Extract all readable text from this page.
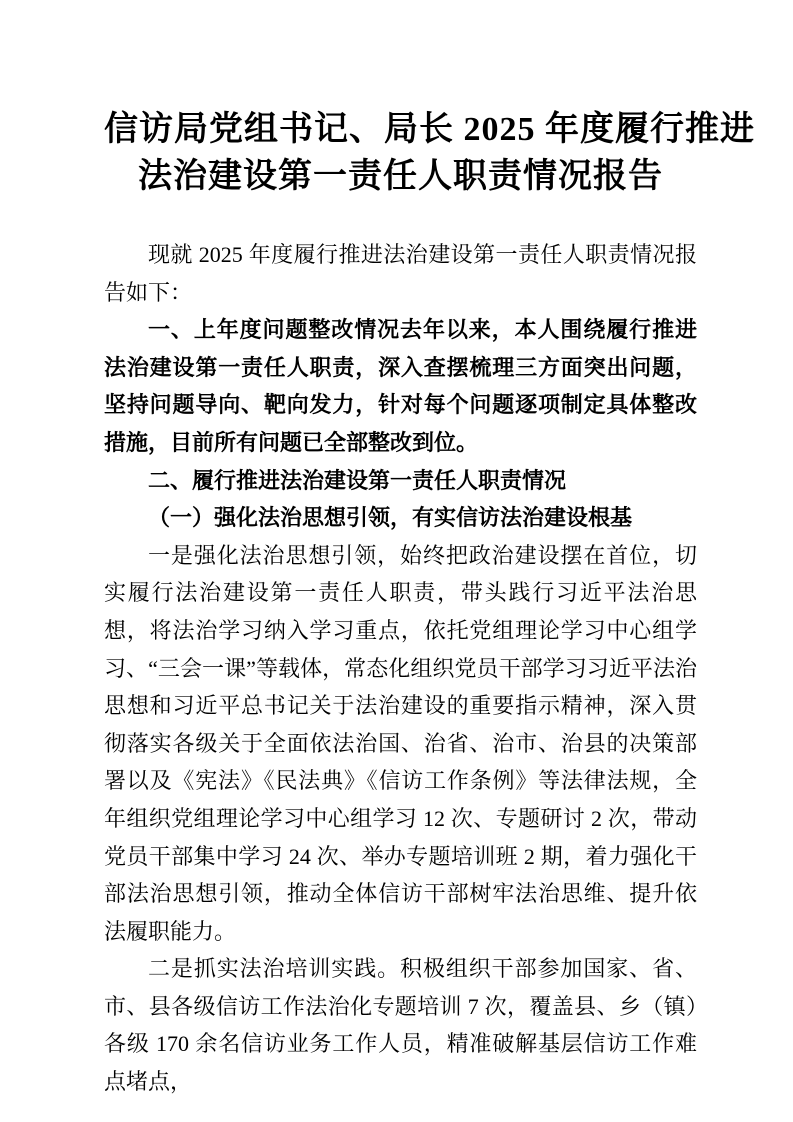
信访局党组书记、局长 2025 年度履行推进
法治建设第一责任人职责情况报告

现就 2025 年度履行推进法治建设第一责任人职责情况报告如下：

一、上年度问题整改情况去年以来，本人围绕履行推进法治建设第一责任人职责，深入查摆梳理三方面突出问题，坚持问题导向、靶向发力，针对每个问题逐项制定具体整改措施，目前所有问题已全部整改到位。

二、履行推进法治建设第一责任人职责情况

（一）强化法治思想引领，有实信访法治建设根基

一是强化法治思想引领，始终把政治建设摆在首位，切实履行法治建设第一责任人职责，带头践行习近平法治思想，将法治学习纳入学习重点，依托党组理论学习中心组学习、“三会一课”等载体，常态化组织党员干部学习习近平法治思想和习近平总书记关于法治建设的重要指示精神，深入贯彻落实各级关于全面依法治国、治省、治市、治县的决策部署以及《宪法》《民法典》《信访工作条例》等法律法规，全年组织党组理论学习中心组学习 12 次、专题研讨 2 次，带动党员干部集中学习 24 次、举办专题培训班 2 期，着力强化干部法治思想引领，推动全体信访干部树牢法治思维、提升依法履职能力。

二是抓实法治培训实践。积极组织干部参加国家、省、市、县各级信访工作法治化专题培训 7 次，覆盖县、乡（镇）各级 170 余名信访业务工作人员，精准破解基层信访工作难点堵点，
